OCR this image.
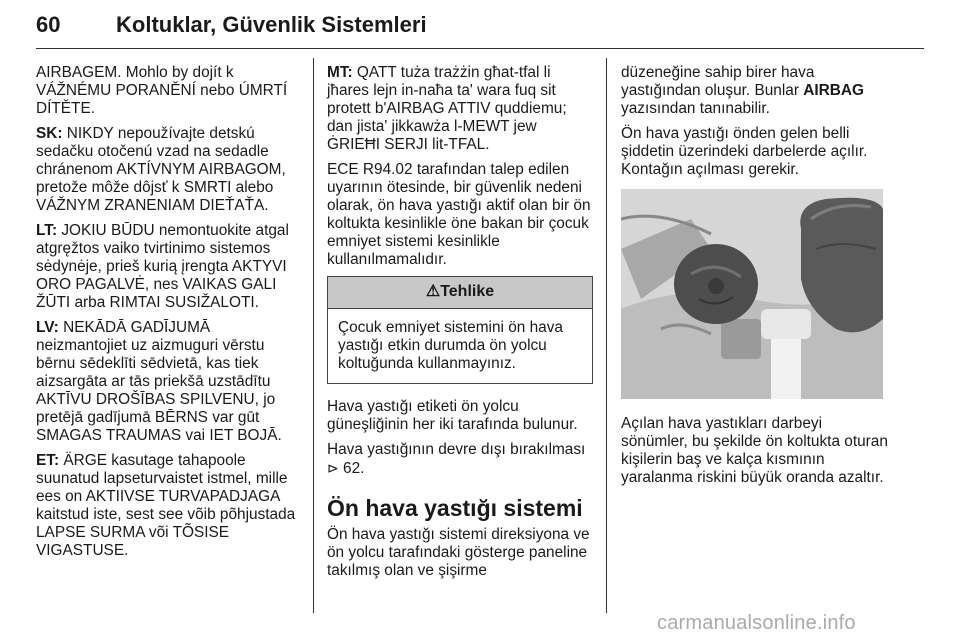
60	Koltuklar, Güvenlik Sistemleri

AIRBAGEM. Mohlo by dojít k VÁŽNÉMU PORANĚNÍ nebo ÚMRTÍ DÍTĚTE.

SK: NIKDY nepoužívajte detskú sedačku otočenú vzad na sedadle chránenom AKTÍVNYM AIRBAGOM, pretože môže dôjsť k SMRTI alebo VÁŽNYM ZRANENIAM DIEŤAŤA.

LT: JOKIU BŪDU nemontuokite atgal atgręžtos vaiko tvirtinimo sistemos sėdynėje, prieš kurią įrengta AKTYVI ORO PAGALVĖ, nes VAIKAS GALI ŽŪTI arba RIMTAI SUSIŽALOTI.

LV: NEKĀDĀ GADĪJUMĀ neizmantojiet uz aizmuguri vērstu bērnu sēdeklīti sēdvietā, kas tiek aizsargāta ar tās priekšā uzstādītu AKTĪVU DROŠĪBAS SPILVENU, jo pretējā gadījumā BĒRNS var gūt SMAGAS TRAUMAS vai IET BOJĀ.

ET: ÄRGE kasutage tahapoole suunatud lapseturvaistet istmel, mille ees on AKTIIVSE TURVAPADJAGA kaitstud iste, sest see võib põhjustada LAPSE SURMA või TÕSISE VIGASTUSE.

MT: QATT tuża trażżin għat-tfal li jħares lejn in-naħa ta' wara fuq sit protett b'AIRBAG ATTIV quddiemu; dan jista' jikkawża l-MEWT jew ĠRIEĦI SERJI lit-TFAL.

ECE R94.02 tarafından talep edilen uyarının ötesinde, bir güvenlik nedeni olarak, ön hava yastığı aktif olan bir ön koltukta kesinlikle öne bakan bir çocuk emniyet sistemi kesinlikle kullanılmamalıdır.

⚠Tehlike
Çocuk emniyet sistemini ön hava yastığı etkin durumda ön yolcu koltuğunda kullanmayınız.

Hava yastığı etiketi ön yolcu güneşliğinin her iki tarafında bulunur.

Hava yastığının devre dışı bırakılması ⊳ 62.

Ön hava yastığı sistemi

Ön hava yastığı sistemi direksiyona ve ön yolcu tarafındaki gösterge paneline takılmış olan ve şişirme

düzeneğine sahip birer hava yastığından oluşur. Bunlar AIRBAG yazısından tanınabilir.

Ön hava yastığı önden gelen belli şiddetin üzerindeki darbelerde açılır. Kontağın açılması gerekir.

Açılan hava yastıkları darbeyi sönümler, bu şekilde ön koltukta oturan kişilerin baş ve kalça kısmının yaralanma riskini büyük oranda azaltır.

carmanualsonline.info
